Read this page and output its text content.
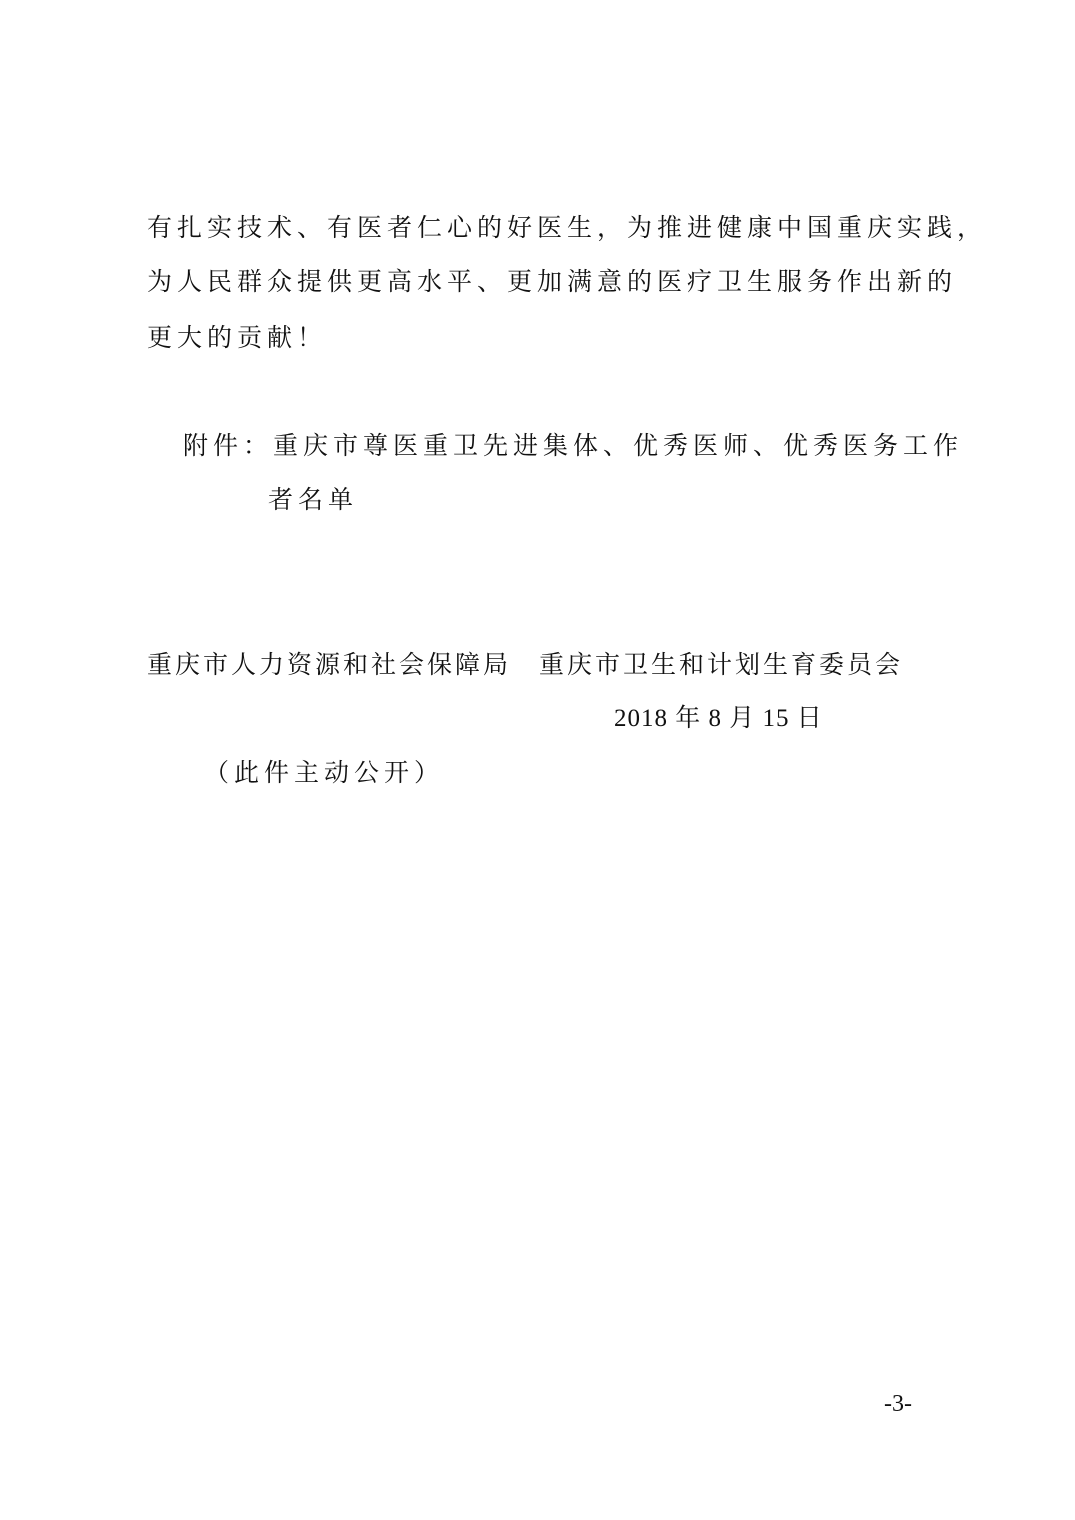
有扎实技术、有医者仁心的好医生，为推进健康中国重庆实践，
为人民群众提供更高水平、更加满意的医疗卫生服务作出新的
更大的贡献！
附件：重庆市尊医重卫先进集体、优秀医师、优秀医务工作
者名单
重庆市人力资源和社会保障局　重庆市卫生和计划生育委员会
2018 年 8 月 15 日
（此件主动公开）
-3-
